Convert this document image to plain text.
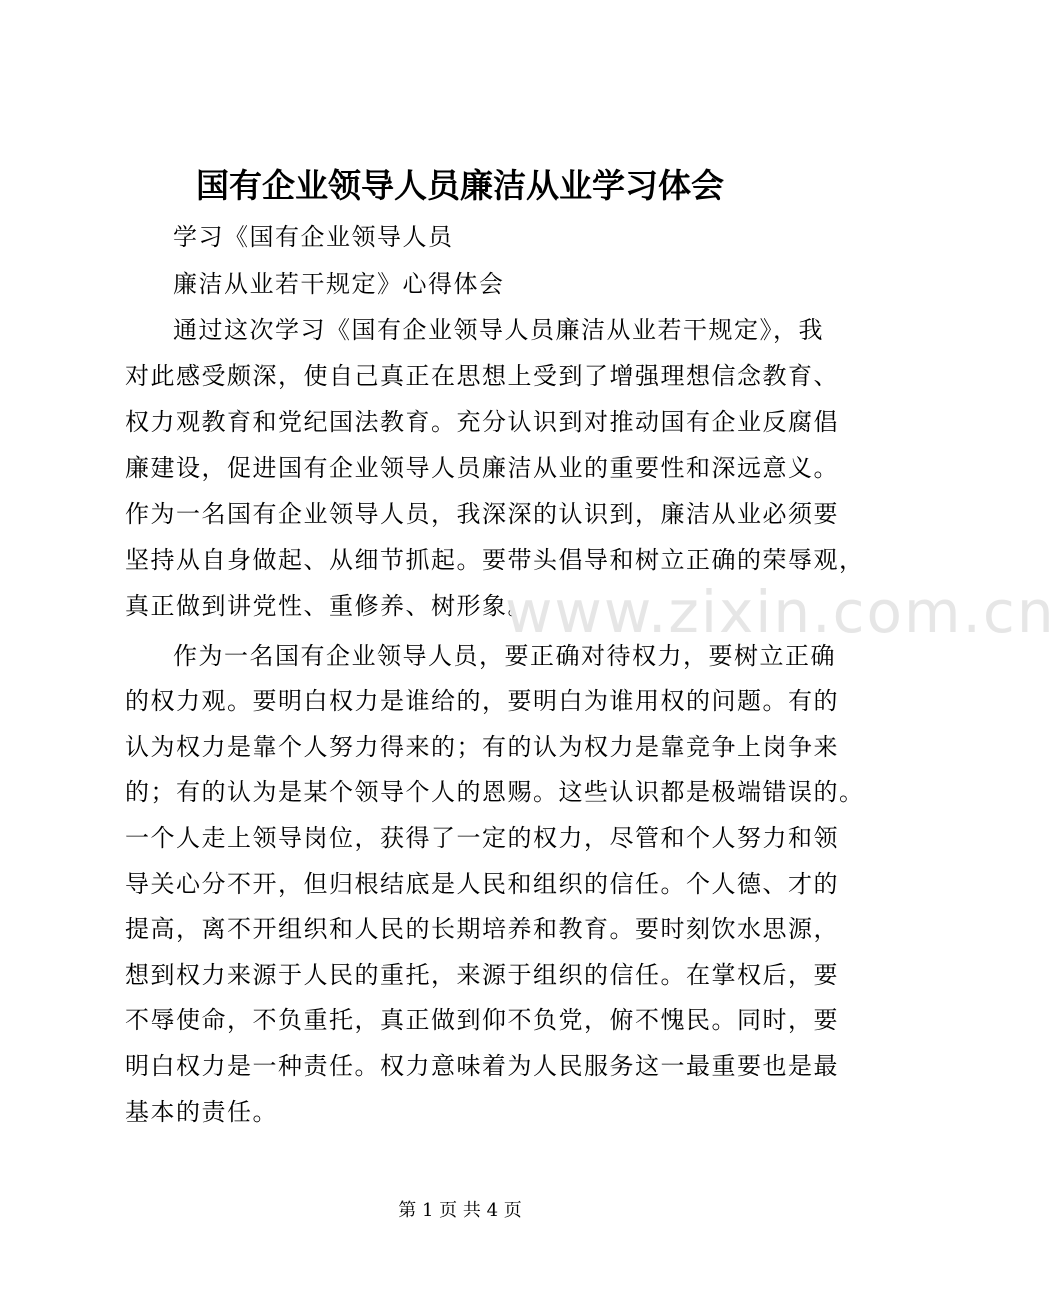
国有企业领导人员廉洁从业学习体会
学习《国有企业领导人员
廉洁从业若干规定》心得体会
通过这次学习《国有企业领导人员廉洁从业若干规定》，我
对此感受颇深，使自己真正在思想上受到了增强理想信念教育、
权力观教育和党纪国法教育。充分认识到对推动国有企业反腐倡
廉建设，促进国有企业领导人员廉洁从业的重要性和深远意义。
作为一名国有企业领导人员，我深深的认识到，廉洁从业必须要
坚持从自身做起、从细节抓起。要带头倡导和树立正确的荣辱观，
真正做到讲党性、重修养、树形象。
作为一名国有企业领导人员，要正确对待权力，要树立正确
的权力观。要明白权力是谁给的，要明白为谁用权的问题。有的
认为权力是靠个人努力得来的；有的认为权力是靠竞争上岗争来
的；有的认为是某个领导个人的恩赐。这些认识都是极端错误的。
一个人走上领导岗位，获得了一定的权力，尽管和个人努力和领
导关心分不开，但归根结底是人民和组织的信任。个人德、才的
提高，离不开组织和人民的长期培养和教育。要时刻饮水思源，
想到权力来源于人民的重托，来源于组织的信任。在掌权后，要
不辱使命，不负重托，真正做到仰不负党，俯不愧民。同时，要
明白权力是一种责任。权力意味着为人民服务这一最重要也是最
基本的责任。
www.zixin.com.cn
第 1 页 共 4 页
